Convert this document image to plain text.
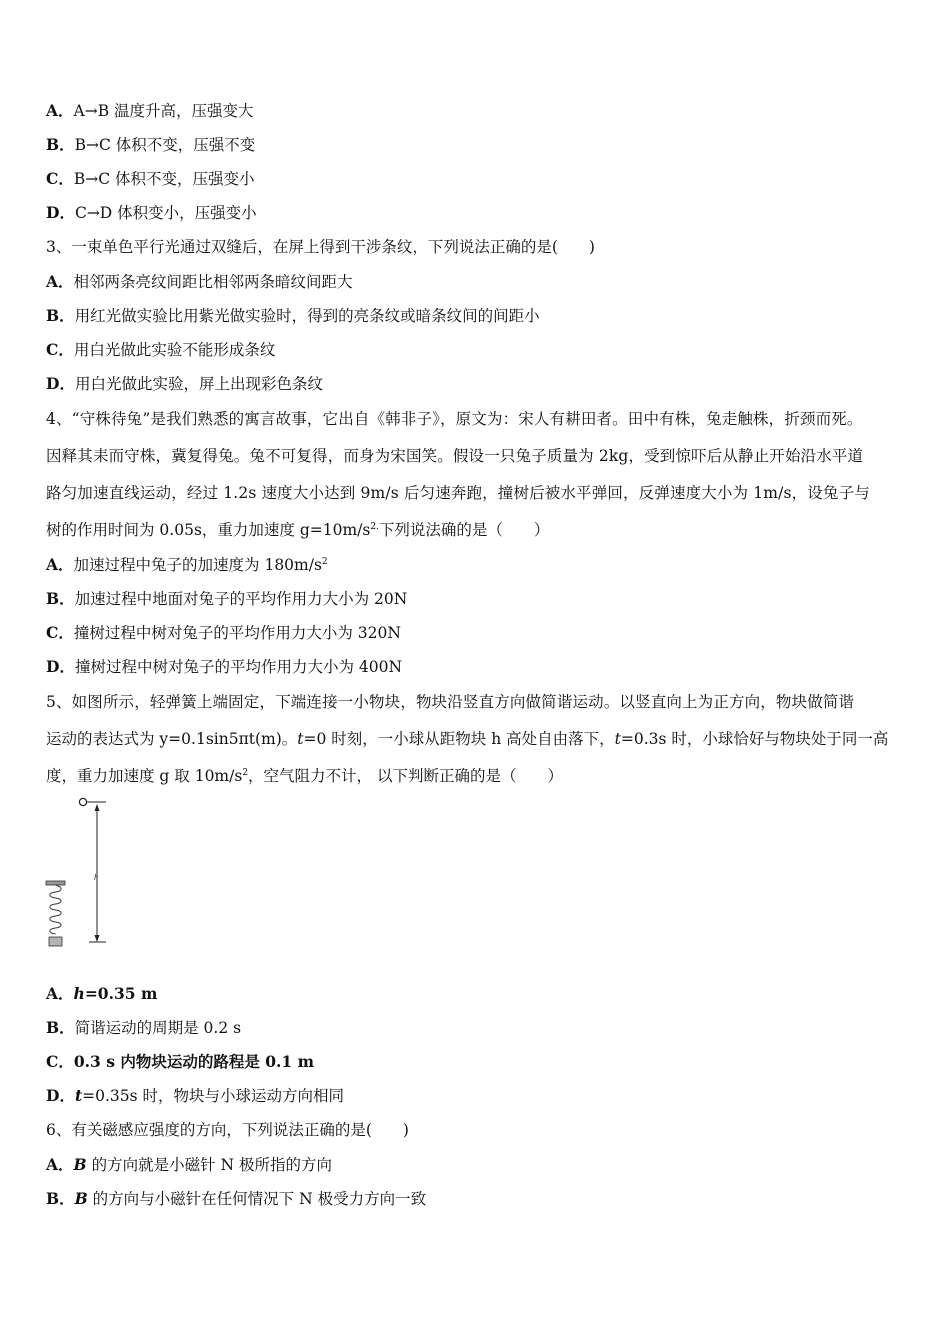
A．A→B 温度升高，压强变大
B．B→C 体积不变，压强不变
C．B→C 体积不变，压强变小
D．C→D 体积变小，压强变小
3、一束单色平行光通过双缝后，在屏上得到干涉条纹，下列说法正确的是(　　)
A．相邻两条亮纹间距比相邻两条暗纹间距大
B．用红光做实验比用紫光做实验时，得到的亮条纹或暗条纹间的间距小
C．用白光做此实验不能形成条纹
D．用白光做此实验，屏上出现彩色条纹
4、“守株待兔”是我们熟悉的寓言故事，它出自《韩非子》，原文为：宋人有耕田者。田中有株，兔走触株，折颈而死。
因释其耒而守株，冀复得兔。兔不可复得，而身为宋国笑。假设一只兔子质量为 2kg，受到惊吓后从静止开始沿水平道
路匀加速直线运动，经过 1.2s 速度大小达到 9m/s 后匀速奔跑，撞树后被水平弹回，反弹速度大小为 1m/s，设兔子与
树的作用时间为 0.05s，重力加速度 $g=10m/s^{2.}$下列说法确的是（　　）
A．加速过程中兔子的加速度为 $180m/s^2$
B．加速过程中地面对兔子的平均作用力大小为 20N
C．撞树过程中树对兔子的平均作用力大小为 320N
D．撞树过程中树对兔子的平均作用力大小为 400N
5、如图所示，轻弹簧上端固定，下端连接一小物块，物块沿竖直方向做简谐运动。以竖直向上为正方向，物块做简谐
运动的表达式为 y=0.1sin5πt(m)。t=0 时刻，一小球从距物块 h 高处自由落下，t=0.3s 时，小球恰好与物块处于同一高
度，重力加速度 g 取 $10m/s^2$，空气阻力不计， 以下判断正确的是（　　）
h
A．h=0.35 m
B．简谐运动的周期是 0.2 s
C．0.3 s 内物块运动的路程是 0.1 m
D．t=0.35s 时，物块与小球运动方向相同
6、有关磁感应强度的方向，下列说法正确的是(　　)
A．B 的方向就是小磁针 N 极所指的方向
B．B 的方向与小磁针在任何情况下 N 极受力方向一致
